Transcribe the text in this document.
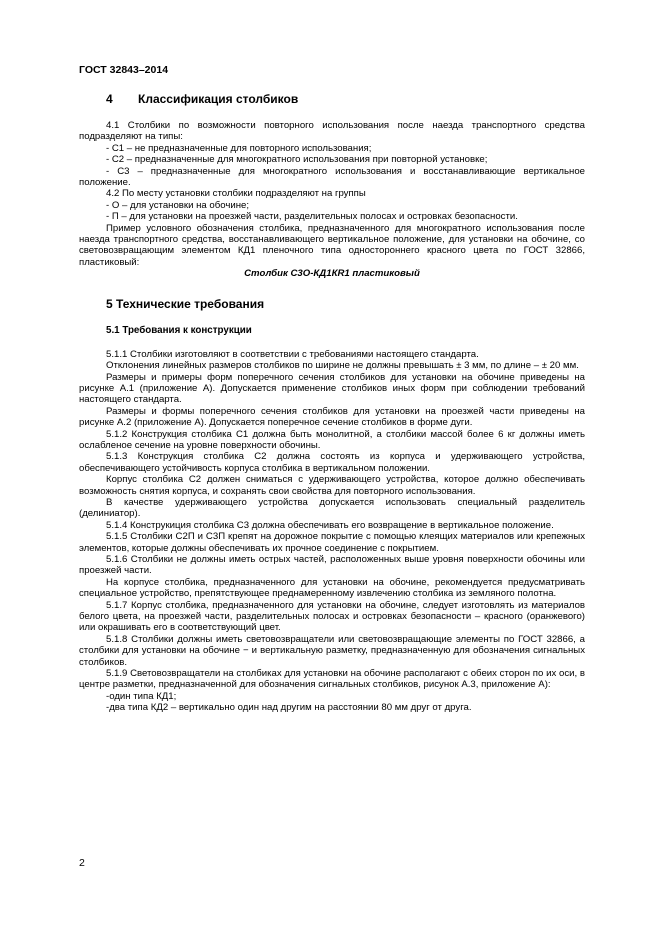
ГОСТ 32843–2014
4 Классификация столбиков

4.1 Столбики по возможности повторного использования после наезда транспортного средства подразделяют на типы:

- С1 – не предназначенные для повторного использования;

- С2 – предназначенные для многократного использования при повторной установке;

- С3 – предназначенные для многократного использования и восстанавливающие вертикальное положение.

4.2 По месту установки столбики подразделяют на группы

- О – для установки на обочине;

- П – для установки на проезжей части, разделительных полосах и островках безопасности.

Пример условного обозначения столбика, предназначенного для многократного использования после наезда транспортного средства, восстанавливающего вертикальное положение, для установки на обочине, со световозвращающим элементом КД1 пленочного типа одностороннего красного цвета по ГОСТ 32866, пластиковый:

Столбик С3О-КД1КR1 пластиковый

5 Технические требования
5.1 Требования к конструкции

5.1.1 Столбики изготовляют в соответствии с требованиями настоящего стандарта.

Отклонения линейных размеров столбиков по ширине не должны превышать ± 3 мм, по длине – ± 20 мм.

Размеры и примеры форм поперечного сечения столбиков для установки на обочине приведены на рисунке А.1 (приложение А). Допускается применение столбиков иных форм при соблюдении требований настоящего стандарта.

Размеры и формы поперечного сечения столбиков для установки на проезжей части приведены на рисунке А.2 (приложение А). Допускается поперечное сечение столбиков в форме дуги.

5.1.2 Конструкция столбика С1 должна быть монолитной, а столбики массой более 6 кг должны иметь ослабленое сечение на уровне поверхности обочины.

5.1.3 Конструкция столбика С2 должна состоять из корпуса и удерживающего устройства, обеспечивающего устойчивость корпуса столбика в вертикальном положении.

Корпус столбика С2 должен сниматься с удерживающего устройства, которое должно обеспечивать возможность снятия корпуса, и сохранять свои свойства для повторного использования.

В качестве удерживающего устройства допускается использовать специальный разделитель (делиниатор).

5.1.4 Конструкиция столбика С3 должна обеспечивать его возвращение в вертикальное положение.

5.1.5 Столбики С2П и С3П крепят на дорожное покрытие с помощью клеящих материалов или крепежных элементов, которые должны обеспечивать их прочное соединение с покрытием.

5.1.6 Столбики не должны иметь острых частей, расположенных выше уровня поверхности обочины или проезжей части.

На корпусе столбика, предназначенного для установки на обочине, рекомендуется предусматривать специальное устройство, препятствующее преднамеренному извлечению столбика из земляного полотна.

5.1.7 Корпус столбика, предназначенного для установки на обочине, следует изготовлять из материалов белого цвета, на проезжей части, разделительных полосах и островках безопасности – красного (оранжевого) или окрашивать его в соответствующий цвет.

5.1.8 Столбики должны иметь световозвращатели или световозвращающие элементы по ГОСТ 32866, а столбики для установки на обочине − и вертикальную разметку, предназначенную для обозначения сигнальных столбиков.

5.1.9 Световозвращатели на столбиках для установки на обочине располагают с обеих сторон по их оси, в центре разметки, предназначенной для обозначения сигнальных столбиков, рисунок А.3, приложение А):

-один типа КД1;

-два типа КД2 – вертикально один над другим на расстоянии 80 мм друг от друга.

2
